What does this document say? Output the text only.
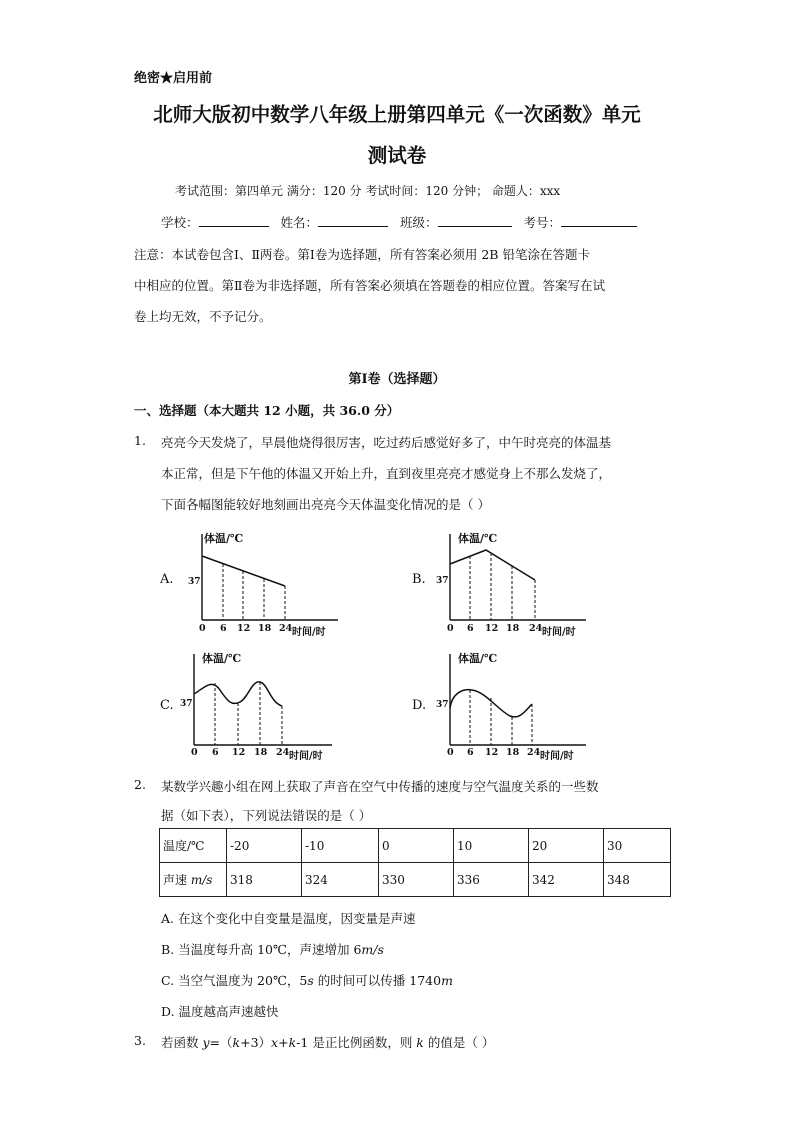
绝密★启用前
北师大版初中数学八年级上册第四单元《一次函数》单元
测试卷
考试范围：第四单元 满分：120 分 考试时间：120 分钟； 命题人：xxx
学校：	姓名：	班级：	考号：
注意：本试卷包含Ⅰ、Ⅱ两卷。第Ⅰ卷为选择题，所有答案必须用 2B 铅笔涂在答题卡
中相应的位置。第Ⅱ卷为非选择题，所有答案必须填在答题卷的相应位置。答案写在试
卷上均无效，不予记分。
第Ⅰ卷（选择题）
一、选择题（本大题共 12 小题，共 36.0 分）
1. 亮亮今天发烧了，早晨他烧得很厉害，吃过药后感觉好多了，中午时亮亮的体温基
本正常，但是下午他的体温又开始上升，直到夜里亮亮才感觉身上不那么发烧了，
下面各幅图能较好地刻画出亮亮今天体温变化情况的是（ ）
A.
体温/℃
37
0 6 12 18 24 时间/时
B.
体温/℃
37
0 6 12 18 24 时间/时
C.
体温/℃
37
0 6 12 18 24 时间/时
D.
体温/℃
37
0 6 12 18 24 时间/时
2. 某数学兴趣小组在网上获取了声音在空气中传播的速度与空气温度关系的一些数
据（如下表），下列说法错误的是（ ）
温度/℃	-20	-10	0	10	20	30
声速 m/s	318	324	330	336	342	348
A. 在这个变化中自变量是温度，因变量是声速
B. 当温度每升高 10℃，声速增加 6m/s
C. 当空气温度为 20℃，5s 的时间可以传播 1740m
D. 温度越高声速越快
3. 若函数 y=（k+3）x+k-1 是正比例函数，则 k 的值是（ ）
